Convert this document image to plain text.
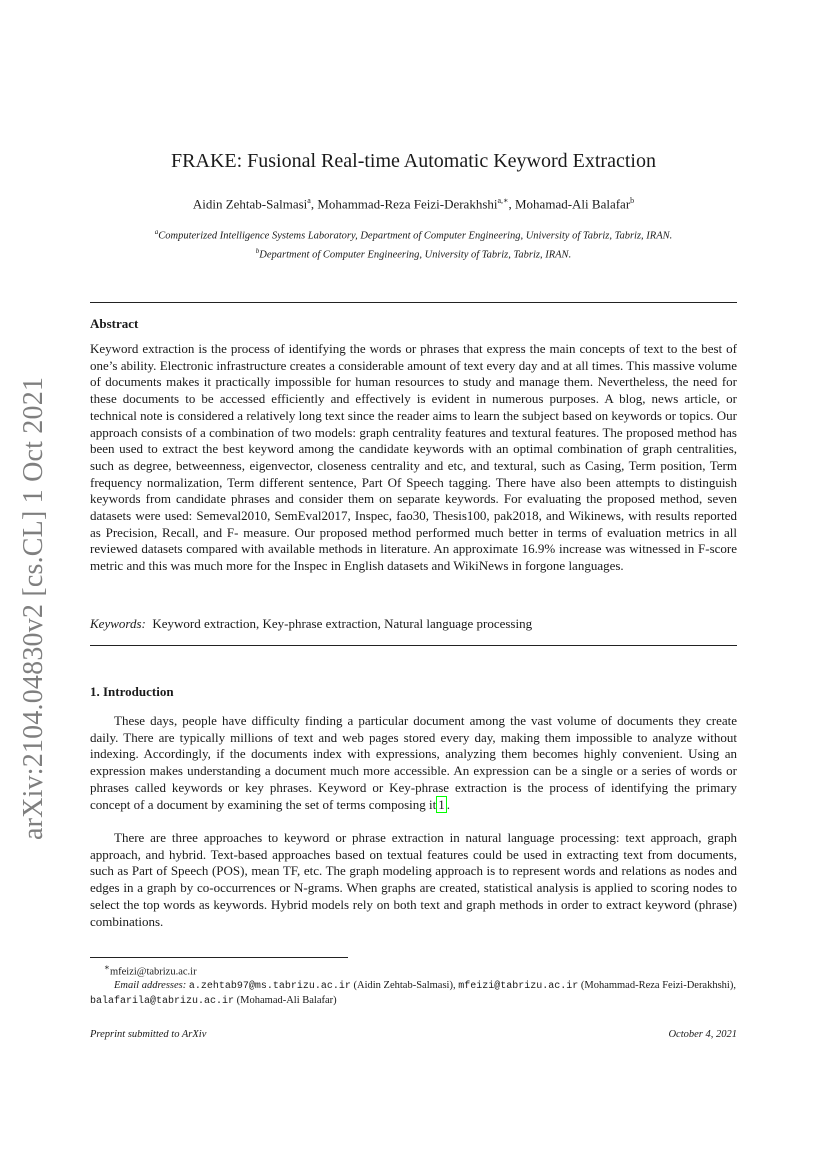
arXiv:2104.04830v2 [cs.CL] 1 Oct 2021
FRAKE: Fusional Real-time Automatic Keyword Extraction
Aidin Zehtab-Salmasi$^a$, Mohammad-Reza Feizi-Derakhshi$^{a,∗}$, Mohamad-Ali Balafar$^b$
$^a$Computerized Intelligence Systems Laboratory, Department of Computer Engineering, University of Tabriz, Tabriz, IRAN.
$^b$Department of Computer Engineering, University of Tabriz, Tabriz, IRAN.
Abstract
Keyword extraction is the process of identifying the words or phrases that express the main concepts of text to the best of one’s ability. Electronic infrastructure creates a considerable amount of text every day and at all times. This massive volume of documents makes it practically impossible for human resources to study and manage them. Nevertheless, the need for these documents to be accessed efficiently and effectively is evident in numerous purposes. A blog, news article, or technical note is considered a relatively long text since the reader aims to learn the subject based on keywords or topics. Our approach consists of a combination of two models: graph centrality features and textural features. The proposed method has been used to extract the best keyword among the candidate keywords with an optimal combination of graph centralities, such as degree, betweenness, eigenvector, closeness centrality and etc, and textural, such as Casing, Term position, Term frequency normalization, Term different sentence, Part Of Speech tagging. There have also been attempts to distinguish keywords from candidate phrases and consider them on separate keywords. For evaluating the proposed method, seven datasets were used: Semeval2010, SemEval2017, Inspec, fao30, Thesis100, pak2018, and Wikinews, with results reported as Precision, Recall, and F- measure. Our proposed method performed much better in terms of evaluation metrics in all reviewed datasets compared with available methods in literature. An approximate 16.9% increase was witnessed in F-score metric and this was much more for the Inspec in English datasets and WikiNews in forgone languages.
Keywords: Keyword extraction, Key-phrase extraction, Natural language processing
1. Introduction
These days, people have difficulty finding a particular document among the vast volume of documents they create daily. There are typically millions of text and web pages stored every day, making them impossible to analyze without indexing. Accordingly, if the documents index with expressions, analyzing them becomes highly convenient. Using an expression makes understanding a document much more accessible. An expression can be a single or a series of words or phrases called keywords or key phrases. Keyword or Key-phrase extraction is the process of identifying the primary concept of a document by examining the set of terms composing it 1 .
There are three approaches to keyword or phrase extraction in natural language processing: text approach, graph approach, and hybrid. Text-based approaches based on textual features could be used in extracting text from documents, such as Part of Speech (POS), mean TF, etc. The graph modeling approach is to represent words and relations as nodes and edges in a graph by co-occurrences or N-grams. When graphs are created, statistical analysis is applied to scoring nodes to select the top words as keywords. Hybrid models rely on both text and graph methods in order to extract keyword (phrase) combinations.
∗mfeizi@tabrizu.ac.ir
Email addresses: a.zehtab97@ms.tabrizu.ac.ir (Aidin Zehtab-Salmasi), mfeizi@tabrizu.ac.ir (Mohammad-Reza Feizi-Derakhshi), balafarila@tabrizu.ac.ir (Mohamad-Ali Balafar)
Preprint submitted to ArXiv	October 4, 2021
